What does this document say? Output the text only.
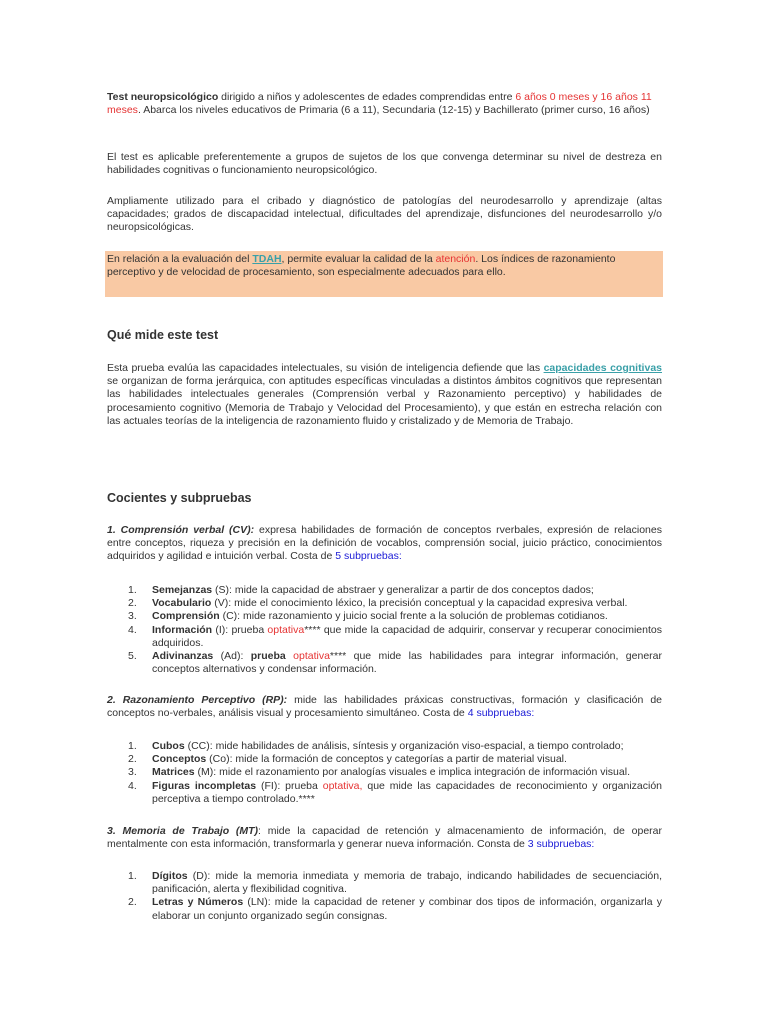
Test neuropsicológico dirigido a niños y adolescentes de edades comprendidas entre 6 años 0 meses y 16 años 11 meses. Abarca los niveles educativos de Primaria (6 a 11), Secundaria (12-15) y Bachillerato (primer curso, 16 años)

El test es aplicable preferentemente a grupos de sujetos de los que convenga determinar su nivel de destreza en habilidades cognitivas o funcionamiento neuropsicológico.

Ampliamente utilizado para el cribado y diagnóstico de patologías del neurodesarrollo y aprendizaje (altas capacidades; grados de discapacidad intelectual, dificultades del aprendizaje, disfunciones del neurodesarrollo y/o neuropsicológicas.

En relación a la evaluación del TDAH, permite evaluar la calidad de la atención. Los índices de razonamiento perceptivo y de velocidad de procesamiento, son especialmente adecuados para ello.

Qué mide este test

Esta prueba evalúa las capacidades intelectuales, su visión de inteligencia defiende que las capacidades cognitivas se organizan de forma jerárquica, con aptitudes específicas vinculadas a distintos ámbitos cognitivos que representan las habilidades intelectuales generales (Comprensión verbal y Razonamiento perceptivo) y habilidades de procesamiento cognitivo (Memoria de Trabajo y Velocidad del Procesamiento), y que están en estrecha relación con las actuales teorías de la inteligencia de razonamiento fluido y cristalizado y de Memoria de Trabajo.

Cocientes y subpruebas

1. Comprensión verbal (CV): expresa habilidades de formación de conceptos rverbales, expresión de relaciones entre conceptos, riqueza y precisión en la definición de vocablos, comprensión social, juicio práctico, conocimientos adquiridos y agilidad e intuición verbal. Costa de 5 subpruebas:

1. Semejanzas (S): mide la capacidad de abstraer y generalizar a partir de dos conceptos dados;
2. Vocabulario (V): mide el conocimiento léxico, la precisión conceptual y la capacidad expresiva verbal.
3. Comprensión (C): mide razonamiento y juicio social frente a la solución de problemas cotidianos.
4. Información (I): prueba optativa**** que mide la capacidad de adquirir, conservar y recuperar conocimientos adquiridos.
5. Adivinanzas (Ad): prueba optativa**** que mide las habilidades para integrar información, generar conceptos alternativos y condensar información.

2. Razonamiento Perceptivo (RP): mide las habilidades práxicas constructivas, formación y clasificación de conceptos no-verbales, análisis visual y procesamiento simultáneo. Costa de 4 subpruebas:

1. Cubos (CC): mide habilidades de análisis, síntesis y organización viso-espacial, a tiempo controlado;
2. Conceptos (Co): mide la formación de conceptos y categorías a partir de material visual.
3. Matrices (M): mide el razonamiento por analogías visuales e implica integración de información visual.
4. Figuras incompletas (FI): prueba optativa, que mide las capacidades de reconocimiento y organización perceptiva a tiempo controlado.****

3. Memoria de Trabajo (MT): mide la capacidad de retención y almacenamiento de información, de operar mentalmente con esta información, transformarla y generar nueva información. Consta de 3 subpruebas:

1. Dígitos (D): mide la memoria inmediata y memoria de trabajo, indicando habilidades de secuenciación, panificación, alerta y flexibilidad cognitiva.
2. Letras y Números (LN): mide la capacidad de retener y combinar dos tipos de información, organizarla y elaborar un conjunto organizado según consignas.
